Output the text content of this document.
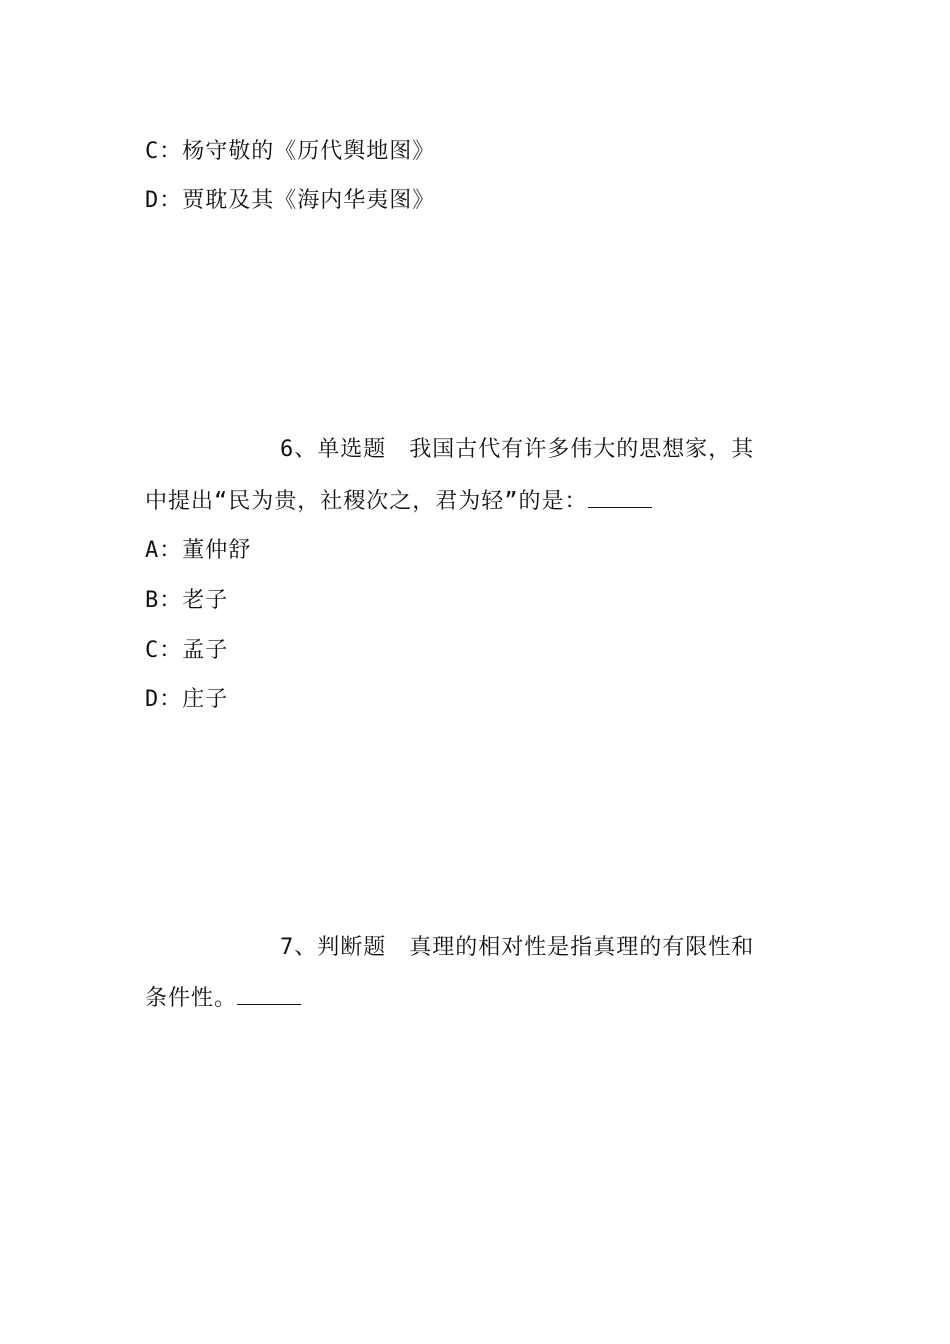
C：杨守敬的《历代舆地图》
D：贾耽及其《海内华夷图》
6、单选题　我国古代有许多伟大的思想家，其
中提出“民为贵，社稷次之，君为轻”的是：
A：董仲舒
B：老子
C：孟子
D：庄子
7、判断题　真理的相对性是指真理的有限性和
条件性。
